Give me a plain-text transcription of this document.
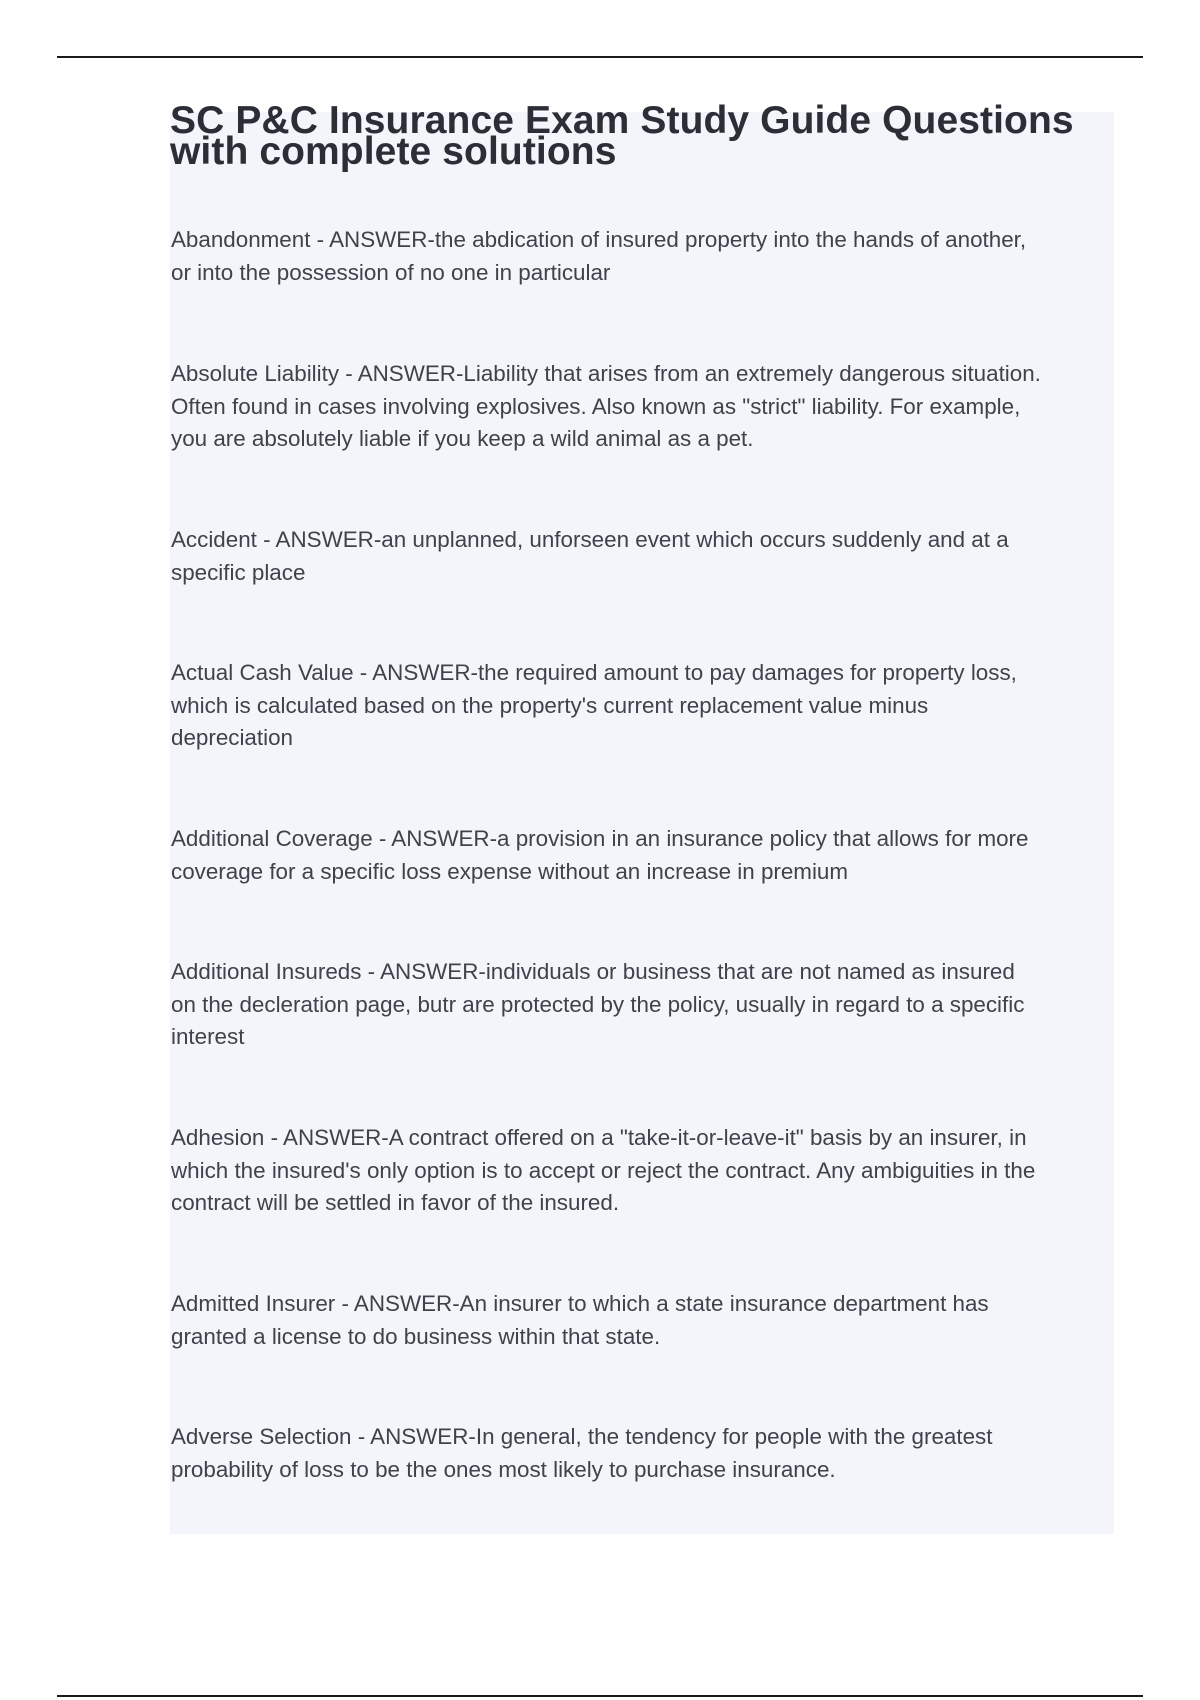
SC P&C Insurance Exam Study Guide Questions
with complete solutions

Abandonment - ANSWER-the abdication of insured property into the hands of another,
or into the possession of no one in particular

Absolute Liability - ANSWER-Liability that arises from an extremely dangerous situation.
Often found in cases involving explosives. Also known as "strict" liability. For example,
you are absolutely liable if you keep a wild animal as a pet.

Accident - ANSWER-an unplanned, unforseen event which occurs suddenly and at a
specific place

Actual Cash Value - ANSWER-the required amount to pay damages for property loss,
which is calculated based on the property's current replacement value minus
depreciation

Additional Coverage - ANSWER-a provision in an insurance policy that allows for more
coverage for a specific loss expense without an increase in premium

Additional Insureds - ANSWER-individuals or business that are not named as insured
on the decleration page, butr are protected by the policy, usually in regard to a specific
interest

Adhesion - ANSWER-A contract offered on a "take-it-or-leave-it" basis by an insurer, in
which the insured's only option is to accept or reject the contract. Any ambiguities in the
contract will be settled in favor of the insured.

Admitted Insurer - ANSWER-An insurer to which a state insurance department has
granted a license to do business within that state.

Adverse Selection - ANSWER-In general, the tendency for people with the greatest
probability of loss to be the ones most likely to purchase insurance.
